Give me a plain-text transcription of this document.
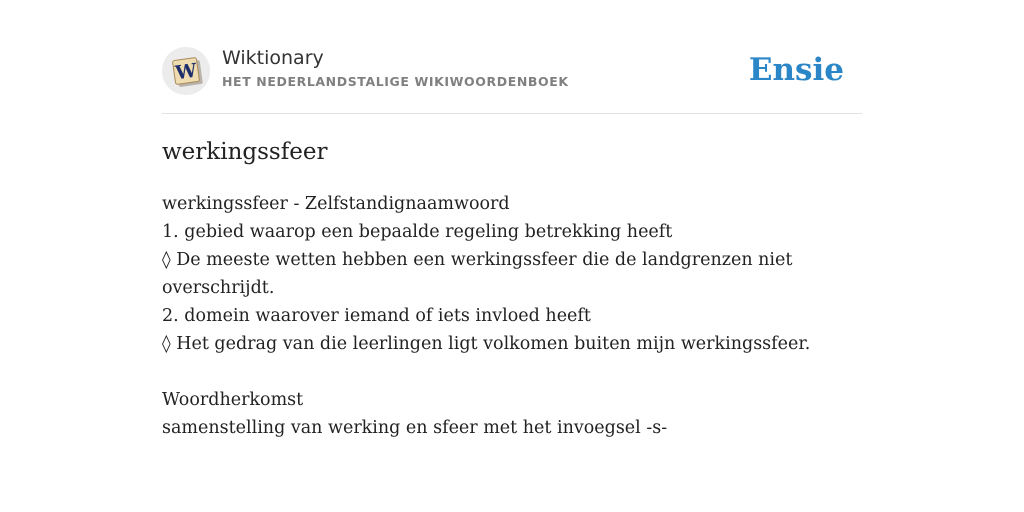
W
Wiktionary
HET NEDERLANDSTALIGE WIKIWOORDENBOEK	Ensie
werkingssfeer

werkingssfeer - Zelfstandignaamwoord

1. gebied waarop een bepaalde regeling betrekking heeft

◊ De meeste wetten hebben een werkingssfeer die de landgrenzen niet overschrijdt.

2. domein waarover iemand of iets invloed heeft

◊ Het gedrag van die leerlingen ligt volkomen buiten mijn werkingssfeer.

Woordherkomst

samenstelling van werking en sfeer met het invoegsel -s-
